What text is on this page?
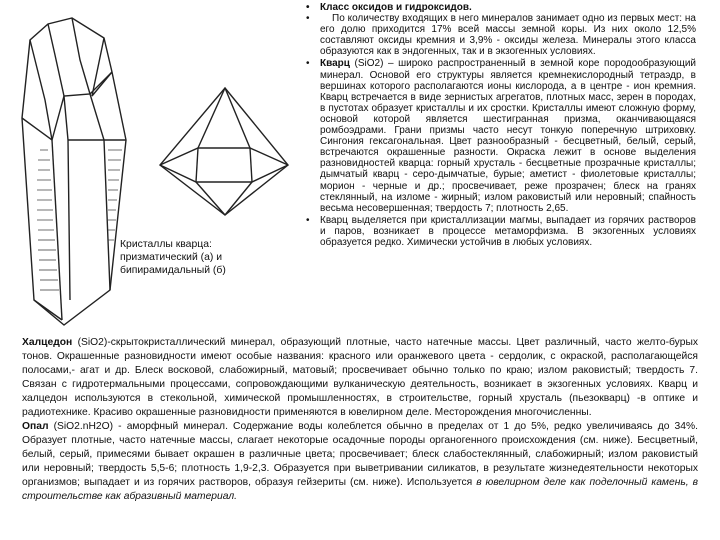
Кристаллы кварца:
призматический (а) и
бипирамидальный (б)
• Класс оксидов и гидроксидов.
• По количеству входящих в него минералов занимает одно из первых мест: на его долю приходится 17% всей массы земной коры. Из них около 12,5% составляют оксиды кремния и 3,9% - оксиды железа. Минералы этого класса образуются как в эндогенных, так и в экзогенных условиях.
• Кварц (SiO2) – широко распространенный в земной коре породообразующий минерал. Основой его структуры является кремнекислородный тетраэдр, в вершинах которого располагаются ионы кислорода, а в центре - ион кремния. Кварц встречается в виде зернистых агрегатов, плотных масс, зерен в породах, в пустотах образует кристаллы и их сростки. Кристаллы имеют сложную форму, основой которой является шестигранная призма, оканчивающаяся ромбоэдрами. Грани призмы часто несут тонкую поперечную штриховку. Сингония гексагональная. Цвет разнообразный - бесцветный, белый, серый, встречаются окрашенные разности. Окраска лежит в основе выделения разновидностей кварца: горный хрусталь - бесцветные прозрачные кристаллы; дымчатый кварц - серо-дымчатые, бурые; аметист - фиолетовые кристаллы; морион - черные и др.; просвечивает, реже прозрачен; блеск на гранях стеклянный, на изломе - жирный; излом раковистый или неровный; спайность весьма несовершенная; твердость 7; плотность 2,65.
• Кварц выделяется при кристаллизации магмы, выпадает из горячих растворов и паров, возникает в процессе метаморфизма. В экзогенных условиях образуется редко. Химически устойчив в любых условиях.

Халцедон (SiO2)-скрытокристаллический минерал, образующий плотные, часто натечные массы. Цвет различный, часто желто-бурых тонов. Окрашенные разновидности имеют особые названия: красного или оранжевого цвета - сердолик, с окраской, располагающейся полосами,- агат и др. Блеск восковой, слабожирный, матовый; просвечивает обычно только по краю; излом раковистый; твердость 7. Связан с гидротермальными процессами, сопровождающими вулканическую деятельность, возникает в экзогенных условиях. Кварц и халцедон используются в стекольной, химической промышленностях, в строительстве, горный хрусталь (пьезокварц) -в оптике и радиотехнике. Красиво окрашенные разновидности применяются в ювелирном деле. Месторождения многочисленны.

Опал (SiO2.nH2O) - аморфный минерал. Содержание воды колеблется обычно в пределах от 1 до 5%, редко увеличиваясь до 34%. Образует плотные, часто натечные массы, слагает некоторые осадочные породы органогенного происхождения (см. ниже). Бесцветный, белый, серый, примесями бывает окрашен в различные цвета; просвечивает; блеск слабостеклянный, слабожирный; излом раковистый или неровный; твердость 5,5-6; плотность 1,9-2,3. Образуется при выветривании силикатов, в результате жизнедеятельности некоторых организмов; выпадает и из горячих растворов, образуя гейзериты (см. ниже). Используется в ювелирном деле как поделочный камень, в строительстве как абразивный материал.
